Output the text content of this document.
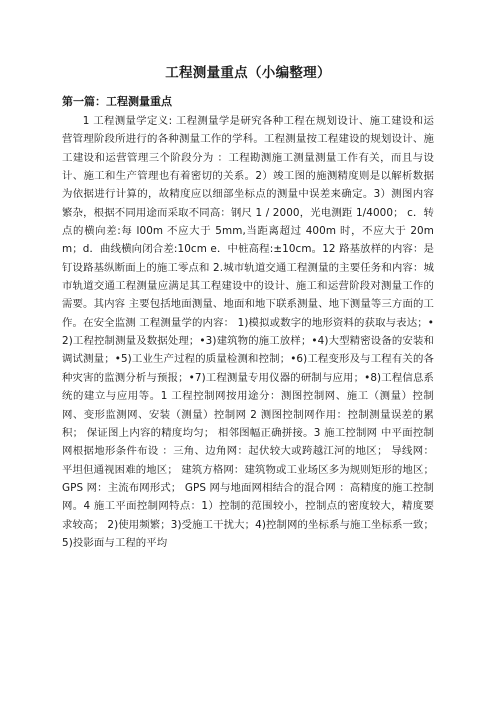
工程测量重点（小编整理）
第一篇：工程测量重点

1 工程测量学定义: 工程测量学是研究各种工程在规划设计、施工建设和运营管理阶段所进行的各种测量工作的学科。工程测量按工程建设的规划设计、施工建设和运营管理三个阶段分为 ：工程勘测施工测量测量工作有关，而且与设计、施工和生产管理也有着密切的关系。2）竣工图的施测精度则是以解析数据为依据进行计算的，故精度应以细部坐标点的测量中误差来确定。3）测图内容繁杂，根据不同用途而采取不同高：钢尺 1 / 2000，光电测距 1/4000； c．转点的横向差:每 l00m 不应大于 5mm,当距离超过 400m 时，不应大于 20mm；d．曲线横向闭合差:10cm e．中桩高程:±10cm。12 路基放样的内容：是钉设路基纵断面上的施工零点和 2.城市轨道交通工程测量的主要任务和内容：城市轨道交通工程测量应满足其工程建设中的设计、施工和运营阶段对测量工作的需要。其内容 主要包括地面测量、地面和地下联系测量、地下测量等三方面的工作。在安全监测 工程测量学的内容： 1)模拟或数字的地形资料的获取与表达；•2)工程控制测量及数据处理；•3)建筑物的施工放样；•4)大型精密设备的安装和调试测量；•5)工业生产过程的质量检测和控制；•6)工程变形及与工程有关的各种灾害的监测分析与预报；•7)工程测量专用仪器的研制与应用；•8)工程信息系统的建立与应用等。1 工程控制网按用途分：测图控制网、施工（测量）控制网、变形监测网、安装（测量）控制网 2 测图控制网作用：控制测量误差的累积； 保证图上内容的精度均匀； 相邻图幅正确拼接。3 施工控制网 中平面控制网根据地形条件布设 ：三角、边角网：起伏较大或跨越江河的地区； 导线网：平坦但通视困难的地区； 建筑方格网：建筑物或工业场区多为规则矩形的地区；GPS 网：主流布网形式； GPS 网与地面网相结合的混合网 ：高精度的施工控制网。4 施工平面控制网特点：1）控制的范围较小，控制点的密度较大，精度要求较高； 2)使用频繁；3)受施工干扰大；4)控制网的坐标系与施工坐标系一致； 5)投影面与工程的平均
